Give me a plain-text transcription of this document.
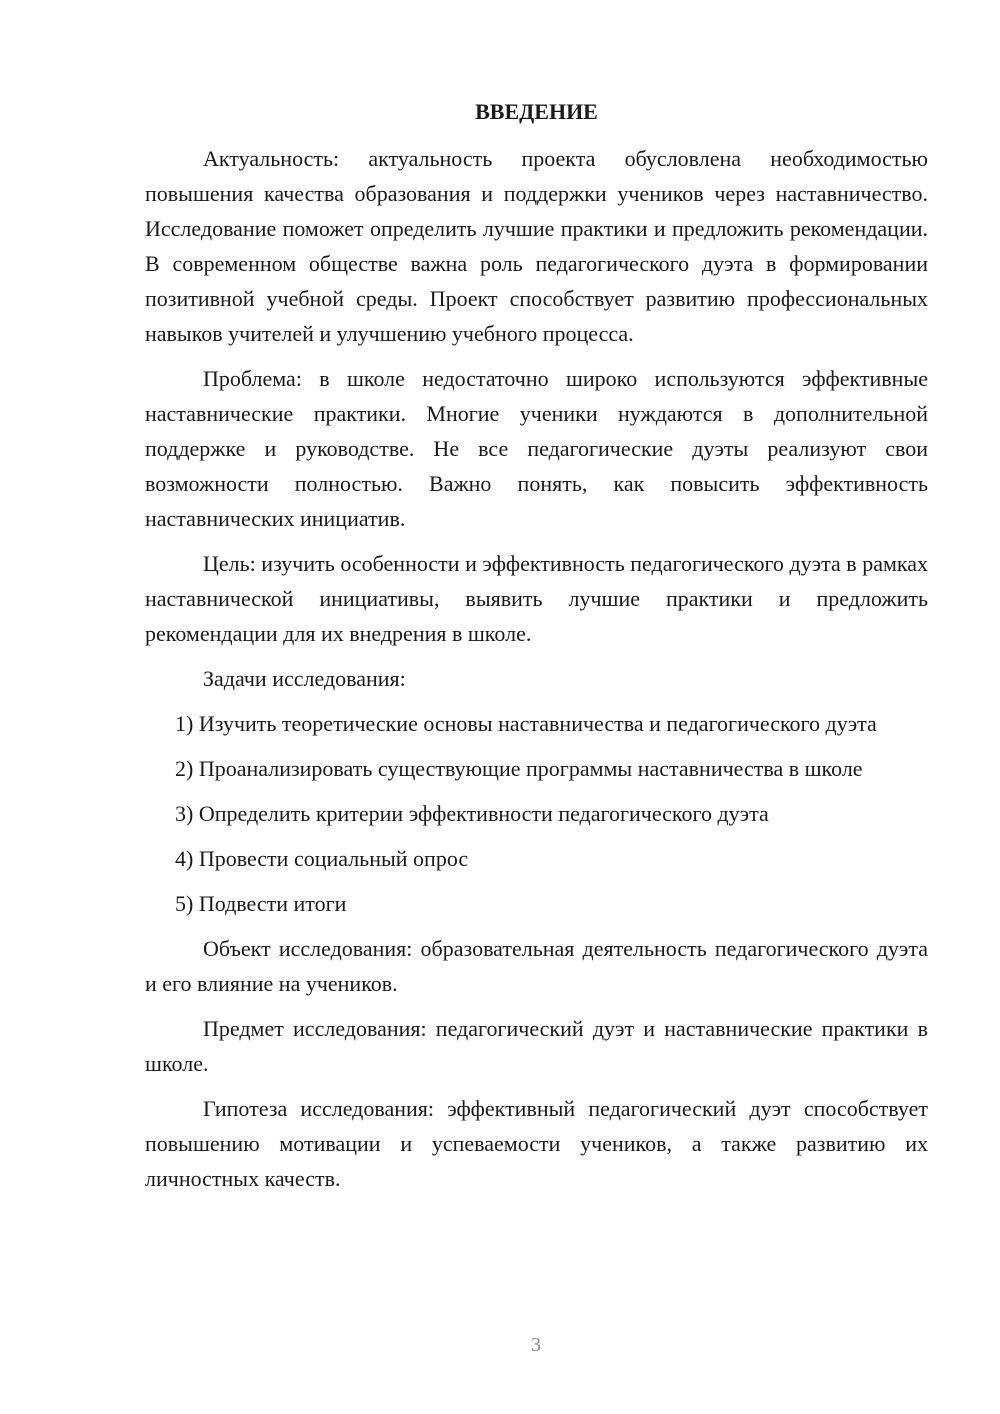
ВВЕДЕНИЕ

Актуальность: актуальность проекта обусловлена необходимостью повышения качества образования и поддержки учеников через наставничество. Исследование поможет определить лучшие практики и предложить рекомендации. В современном обществе важна роль педагогического дуэта в формировании позитивной учебной среды. Проект способствует развитию профессиональных навыков учителей и улучшению учебного процесса.

Проблема: в школе недостаточно широко используются эффективные наставнические практики. Многие ученики нуждаются в дополнительной поддержке и руководстве. Не все педагогические дуэты реализуют свои возможности полностью. Важно понять, как повысить эффективность наставнических инициатив.

Цель: изучить особенности и эффективность педагогического дуэта в рамках наставнической инициативы, выявить лучшие практики и предложить рекомендации для их внедрения в школе.

Задачи исследования:

1) Изучить теоретические основы наставничества и педагогического дуэта
2) Проанализировать существующие программы наставничества в школе
3) Определить критерии эффективности педагогического дуэта
4) Провести социальный опрос
5) Подвести итоги

Объект исследования: образовательная деятельность педагогического дуэта и его влияние на учеников.

Предмет исследования: педагогический дуэт и наставнические практики в школе.

Гипотеза исследования: эффективный педагогический дуэт способствует повышению мотивации и успеваемости учеников, а также развитию их личностных качеств.

3
